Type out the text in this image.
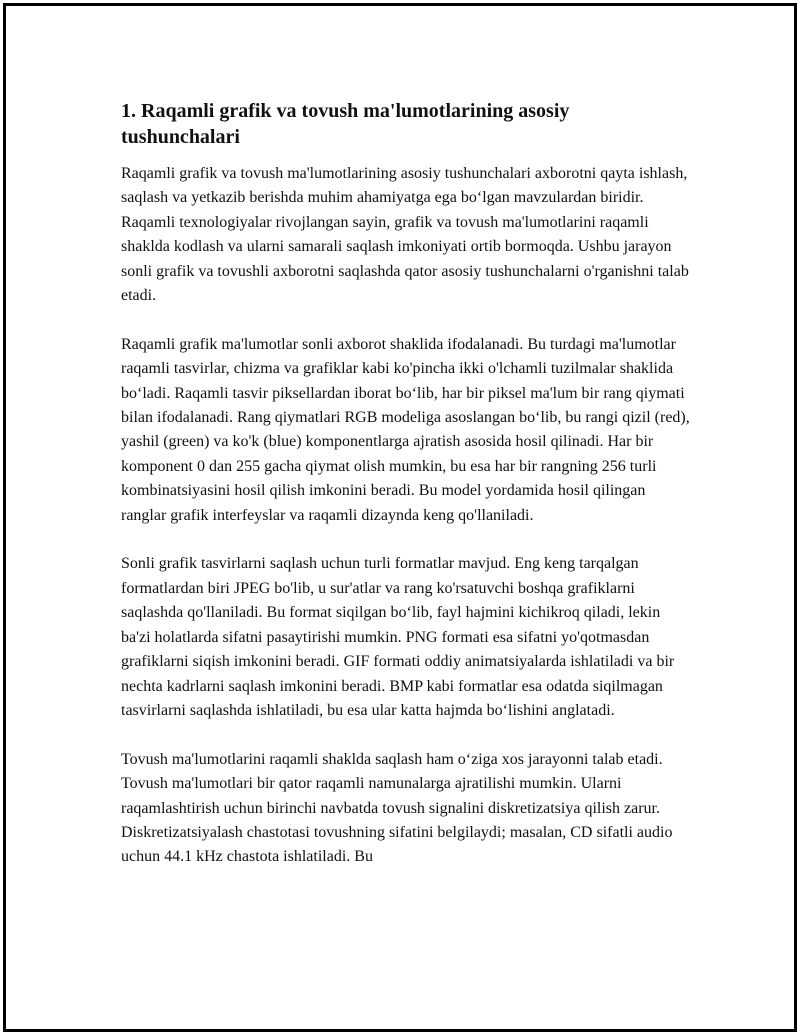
1. Raqamli grafik va tovush ma'lumotlarining asosiy tushunchalari

Raqamli grafik va tovush ma'lumotlarining asosiy tushunchalari axborotni qayta ishlash, saqlash va yetkazib berishda muhim ahamiyatga ega bo‘lgan mavzulardan biridir. Raqamli texnologiyalar rivojlangan sayin, grafik va tovush ma'lumotlarini raqamli shaklda kodlash va ularni samarali saqlash imkoniyati ortib bormoqda. Ushbu jarayon sonli grafik va tovushli axborotni saqlashda qator asosiy tushunchalarni o'rganishni talab etadi.

Raqamli grafik ma'lumotlar sonli axborot shaklida ifodalanadi. Bu turdagi ma'lumotlar raqamli tasvirlar, chizma va grafiklar kabi ko'pincha ikki o'lchamli tuzilmalar shaklida bo‘ladi. Raqamli tasvir piksellardan iborat bo‘lib, har bir piksel ma'lum bir rang qiymati bilan ifodalanadi. Rang qiymatlari RGB modeliga asoslangan bo‘lib, bu rangi qizil (red), yashil (green) va ko'k (blue) komponentlarga ajratish asosida hosil qilinadi. Har bir komponent 0 dan 255 gacha qiymat olish mumkin, bu esa har bir rangning 256 turli kombinatsiyasini hosil qilish imkonini beradi. Bu model yordamida hosil qilingan ranglar grafik interfeyslar va raqamli dizaynda keng qo'llaniladi.

Sonli grafik tasvirlarni saqlash uchun turli formatlar mavjud. Eng keng tarqalgan formatlardan biri JPEG bo'lib, u sur'atlar va rang ko'rsatuvchi boshqa grafiklarni saqlashda qo'llaniladi. Bu format siqilgan bo‘lib, fayl hajmini kichikroq qiladi, lekin ba'zi holatlarda sifatni pasaytirishi mumkin. PNG formati esa sifatni yo'qotmasdan grafiklarni siqish imkonini beradi. GIF formati oddiy animatsiyalarda ishlatiladi va bir nechta kadrlarni saqlash imkonini beradi. BMP kabi formatlar esa odatda siqilmagan tasvirlarni saqlashda ishlatiladi, bu esa ular katta hajmda bo‘lishini anglatadi.

Tovush ma'lumotlarini raqamli shaklda saqlash ham o‘ziga xos jarayonni talab etadi. Tovush ma'lumotlari bir qator raqamli namunalarga ajratilishi mumkin. Ularni raqamlashtirish uchun birinchi navbatda tovush signalini diskretizatsiya qilish zarur. Diskretizatsiyalash chastotasi tovushning sifatini belgilaydi; masalan, CD sifatli audio uchun 44.1 kHz chastota ishlatiladi. Bu
